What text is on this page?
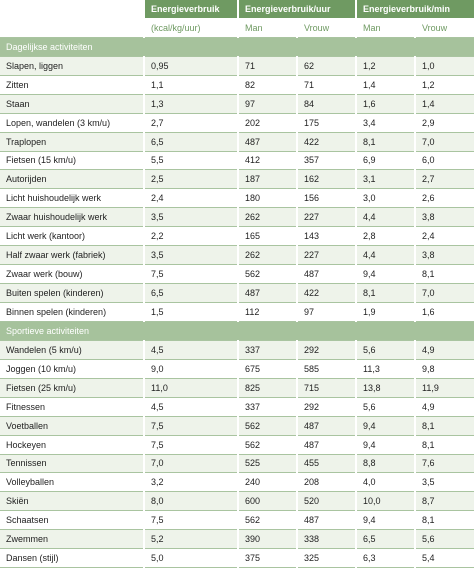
	Energieverbruik	Energieverbruik/uur		Energieverbruik/min	
	(kcal/kg/uur)	Man	Vrouw	Man	Vrouw
Dagelijkse activiteiten					
Slapen, liggen	0,95	71	62	1,2	1,0
Zitten	1,1	82	71	1,4	1,2
Staan	1,3	97	84	1,6	1,4
Lopen, wandelen (3 km/u)	2,7	202	175	3,4	2,9
Traplopen	6,5	487	422	8,1	7,0
Fietsen (15 km/u)	5,5	412	357	6,9	6,0
Autorijden	2,5	187	162	3,1	2,7
Licht huishoudelijk werk	2,4	180	156	3,0	2,6
Zwaar huishoudelijk werk	3,5	262	227	4,4	3,8
Licht werk (kantoor)	2,2	165	143	2,8	2,4
Half zwaar werk (fabriek)	3,5	262	227	4,4	3,8
Zwaar werk (bouw)	7,5	562	487	9,4	8,1
Buiten spelen (kinderen)	6,5	487	422	8,1	7,0
Binnen spelen (kinderen)	1,5	112	97	1,9	1,6
Sportieve activiteiten					
Wandelen (5 km/u)	4,5	337	292	5,6	4,9
Joggen (10 km/u)	9,0	675	585	11,3	9,8
Fietsen (25 km/u)	11,0	825	715	13,8	11,9
Fitnessen	4,5	337	292	5,6	4,9
Voetballen	7,5	562	487	9,4	8,1
Hockeyen	7,5	562	487	9,4	8,1
Tennissen	7,0	525	455	8,8	7,6
Volleyballen	3,2	240	208	4,0	3,5
Skiën	8,0	600	520	10,0	8,7
Schaatsen	7,5	562	487	9,4	8,1
Zwemmen	5,2	390	338	6,5	5,6
Dansen (stijl)	5,0	375	325	6,3	5,4
